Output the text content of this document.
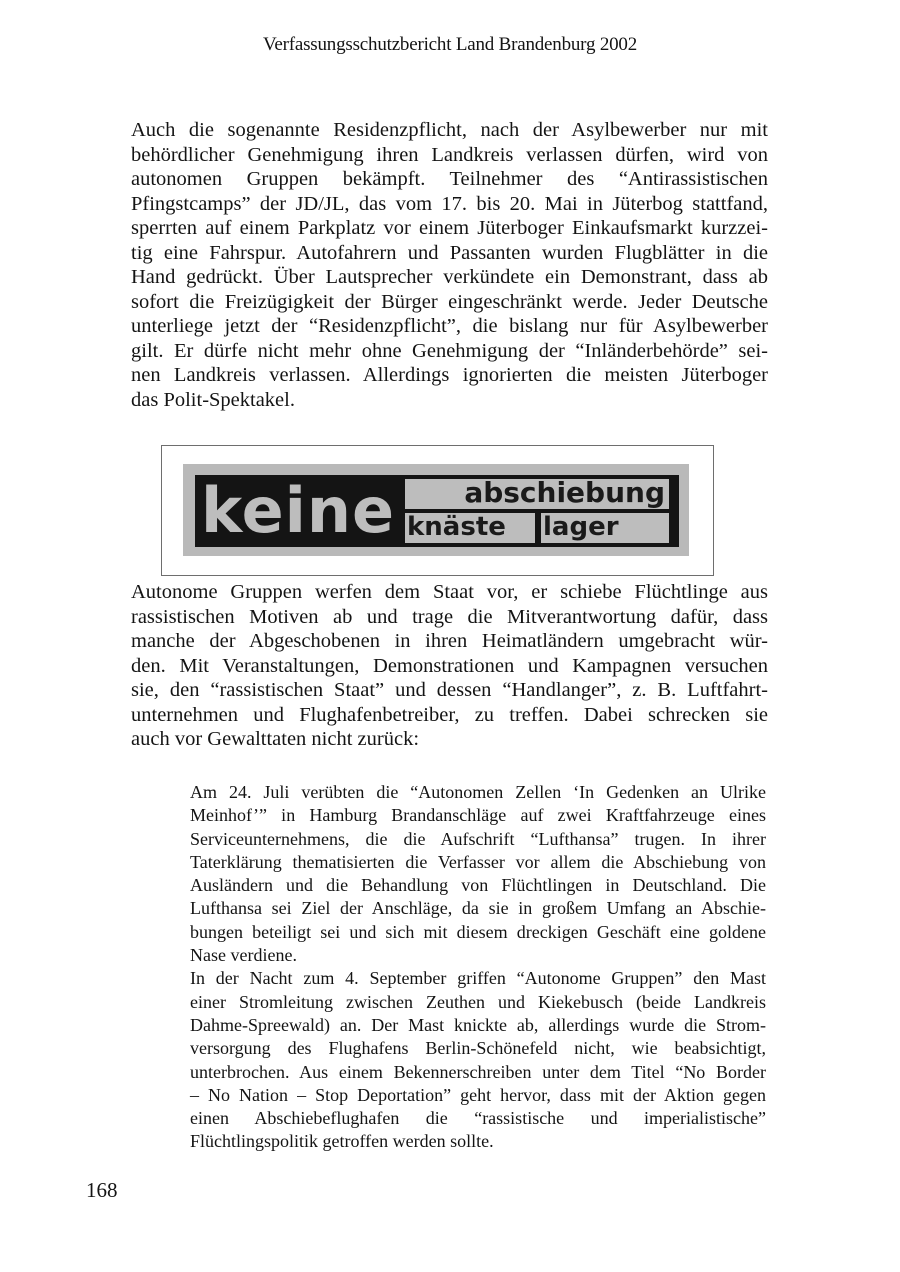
Verfassungsschutzbericht Land Brandenburg 2002
Auch die sogenannte Residenzpflicht, nach der Asylbewerber nur mit
behördlicher Genehmigung ihren Landkreis verlassen dürfen, wird von
autonomen Gruppen bekämpft. Teilnehmer des “Antirassistischen
Pfingstcamps” der JD/JL, das vom 17. bis 20. Mai in Jüterbog stattfand,
sperrten auf einem Parkplatz vor einem Jüterboger Einkaufsmarkt kurzzei-
tig eine Fahrspur. Autofahrern und Passanten wurden Flugblätter in die
Hand gedrückt. Über Lautsprecher verkündete ein Demonstrant, dass ab
sofort die Freizügigkeit der Bürger eingeschränkt werde. Jeder Deutsche
unterliege jetzt der “Residenzpflicht”, die bislang nur für Asylbewerber
gilt. Er dürfe nicht mehr ohne Genehmigung der “Inländerbehörde” sei-
nen Landkreis verlassen. Allerdings ignorierten die meisten Jüterboger
das Polit-Spektakel.
keine abschiebung
knäste lager
Autonome Gruppen werfen dem Staat vor, er schiebe Flüchtlinge aus
rassistischen Motiven ab und trage die Mitverantwortung dafür, dass
manche der Abgeschobenen in ihren Heimatländern umgebracht wür-
den. Mit Veranstaltungen, Demonstrationen und Kampagnen versuchen
sie, den “rassistischen Staat” und dessen “Handlanger”, z. B. Luftfahrt-
unternehmen und Flughafenbetreiber, zu treffen. Dabei schrecken sie
auch vor Gewalttaten nicht zurück:
Am 24. Juli verübten die “Autonomen Zellen ‘In Gedenken an Ulrike
Meinhof’” in Hamburg Brandanschläge auf zwei Kraftfahrzeuge eines
Serviceunternehmens, die die Aufschrift “Lufthansa” trugen. In ihrer
Taterklärung thematisierten die Verfasser vor allem die Abschiebung von
Ausländern und die Behandlung von Flüchtlingen in Deutschland. Die
Lufthansa sei Ziel der Anschläge, da sie in großem Umfang an Abschie-
bungen beteiligt sei und sich mit diesem dreckigen Geschäft eine goldene
Nase verdiene.
In der Nacht zum 4. September griffen “Autonome Gruppen” den Mast
einer Stromleitung zwischen Zeuthen und Kiekebusch (beide Landkreis
Dahme-Spreewald) an. Der Mast knickte ab, allerdings wurde die Strom-
versorgung des Flughafens Berlin-Schönefeld nicht, wie beabsichtigt,
unterbrochen. Aus einem Bekennerschreiben unter dem Titel “No Border
– No Nation – Stop Deportation” geht hervor, dass mit der Aktion gegen
einen Abschiebeflughafen die “rassistische und imperialistische”
Flüchtlingspolitik getroffen werden sollte.
168
